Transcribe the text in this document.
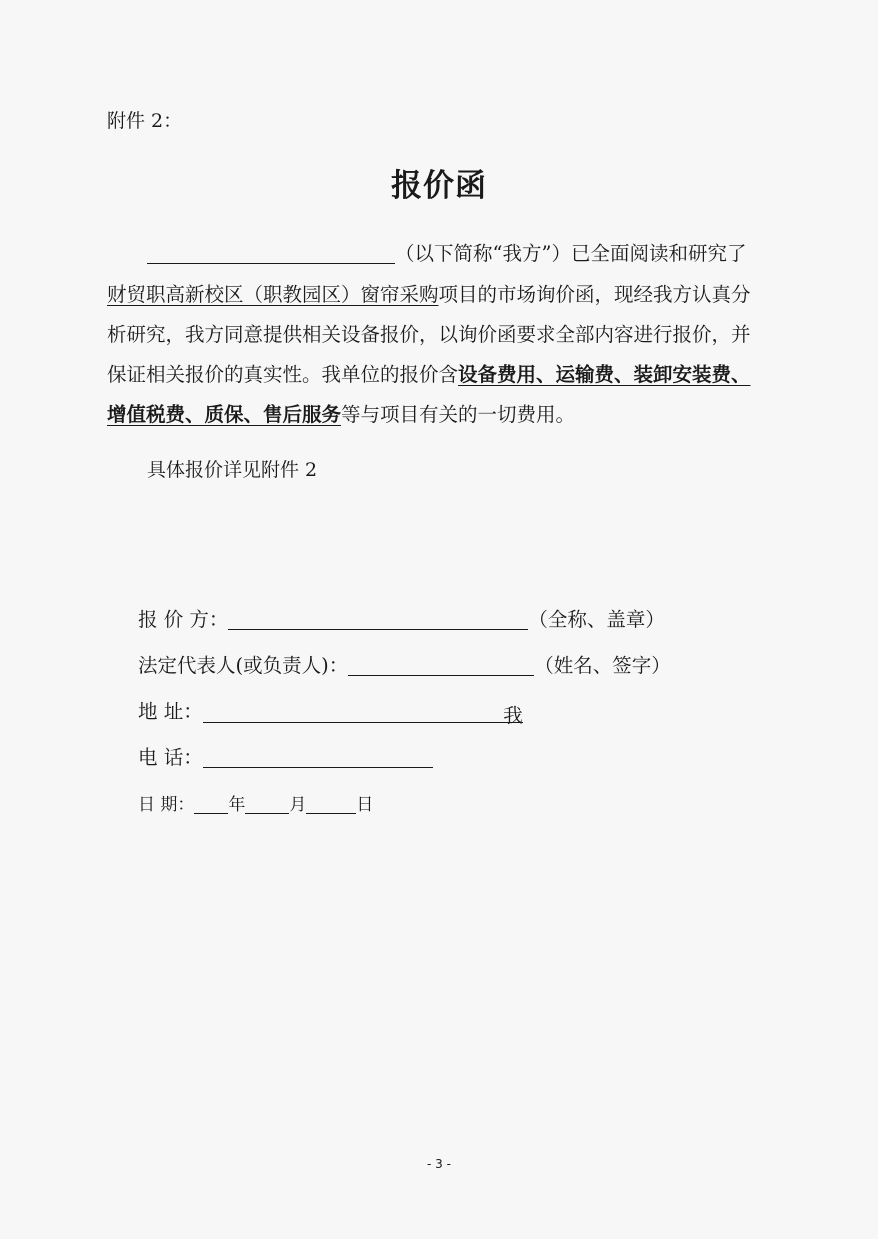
附件 2：
报价函
（以下简称“我方”）已全面阅读和研究了
财贸职高新校区（职教园区）窗帘采购项目的市场询价函，现经我方认真分
析研究，我方同意提供相关设备报价，以询价函要求全部内容进行报价，并
保证相关报价的真实性。我单位的报价含设备费用、运输费、装卸安装费、
增值税费、质保、售后服务等与项目有关的一切费用。
具体报价详见附件 2
报 价 方：	（全称、盖章）
法定代表人(或负责人)：	（姓名、签字）
地 址：	我
电 话：
日 期： 年	月	日
- 3 -
